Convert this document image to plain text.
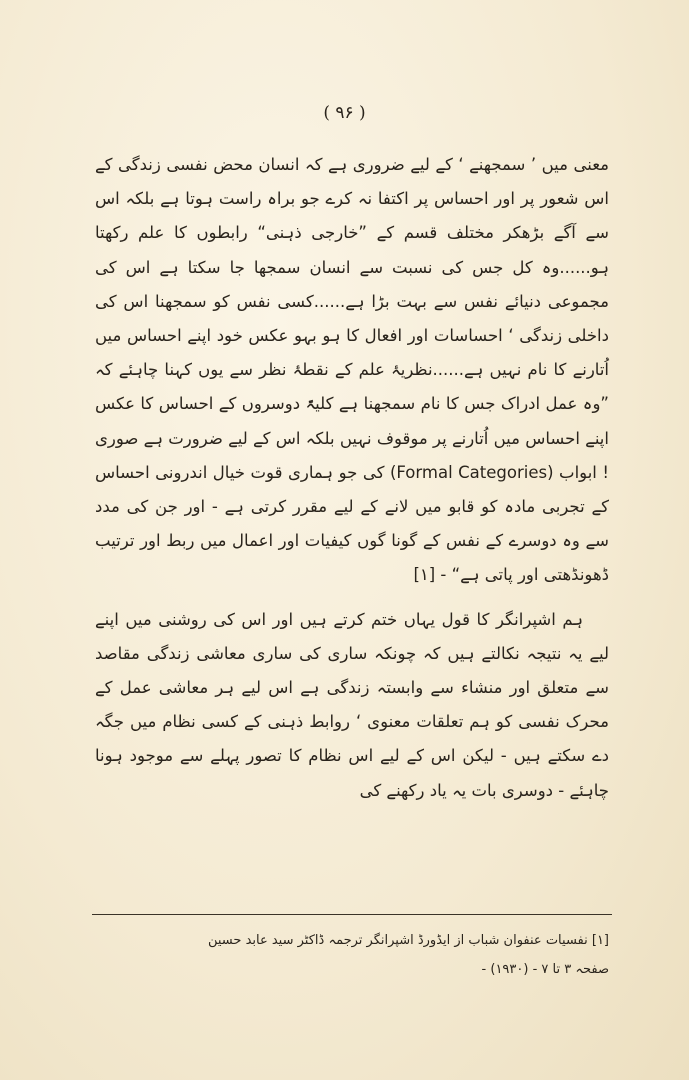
( ۹۶ )

معنی میں ’ سمجھنے ‘ کے لیے ضروری ہے کہ انسان محض نفسی زندگی کے اس شعور پر اور احساس پر اکتفا نہ کرے جو براہ راست ہوتا ہے بلکہ اس سے آگے بڑھکر مختلف قسم کے ”خارجی ذہنی“ رابطوں کا علم رکھتا ہو......وہ کل جس کی نسبت سے انسان سمجھا جا سکتا ہے اس کی مجموعی دنیائے نفس سے بہت بڑا ہے......کسی نفس کو سمجھنا اس کی داخلی زندگی ‘ احساسات اور افعال کا ہو بہو عکس خود اپنے احساس میں اُتارنے کا نام نہیں ہے......نظریۂ علم کے نقطۂ نظر سے یوں کہنا چاہئے کہ ”وہ عمل ادراک جس کا نام سمجھنا ہے کلیۃً دوسروں کے احساس کا عکس اپنے احساس میں اُتارنے پر موقوف نہیں بلکہ اس کے لیے ضرورت ہے صوری ! ابواب (Formal Categories) کی جو ہماری قوت خیال اندرونی احساس کے تجربی مادہ کو قابو میں لانے کے لیے مقرر کرتی ہے - اور جن کی مدد سے وہ دوسرے کے نفس کے گونا گوں کیفیات اور اعمال میں ربط اور ترتیب ڈھونڈھتی اور پاتی ہے“ - [۱]

ہم اشپرانگر کا قول یہاں ختم کرتے ہیں اور اس کی روشنی میں اپنے لیے یہ نتیجہ نکالتے ہیں کہ چونکہ ساری کی ساری معاشی زندگی مقاصد سے متعلق اور منشاء سے وابستہ زندگی ہے اس لیے ہر معاشی عمل کے محرک نفسی کو ہم تعلقات معنوی ‘ روابط ذہنی کے کسی نظام میں جگہ دے سکتے ہیں - لیکن اس کے لیے اس نظام کا تصور پہلے سے موجود ہونا چاہئے - دوسری بات یہ یاد رکھنے کی

[۱] نفسیات عنفوان شباب از ایڈورڈ اشپرانگر ترجمہ ڈاکٹر سید عابد حسین

صفحہ ۳ تا ۷ - (۱۹۳۰) -
